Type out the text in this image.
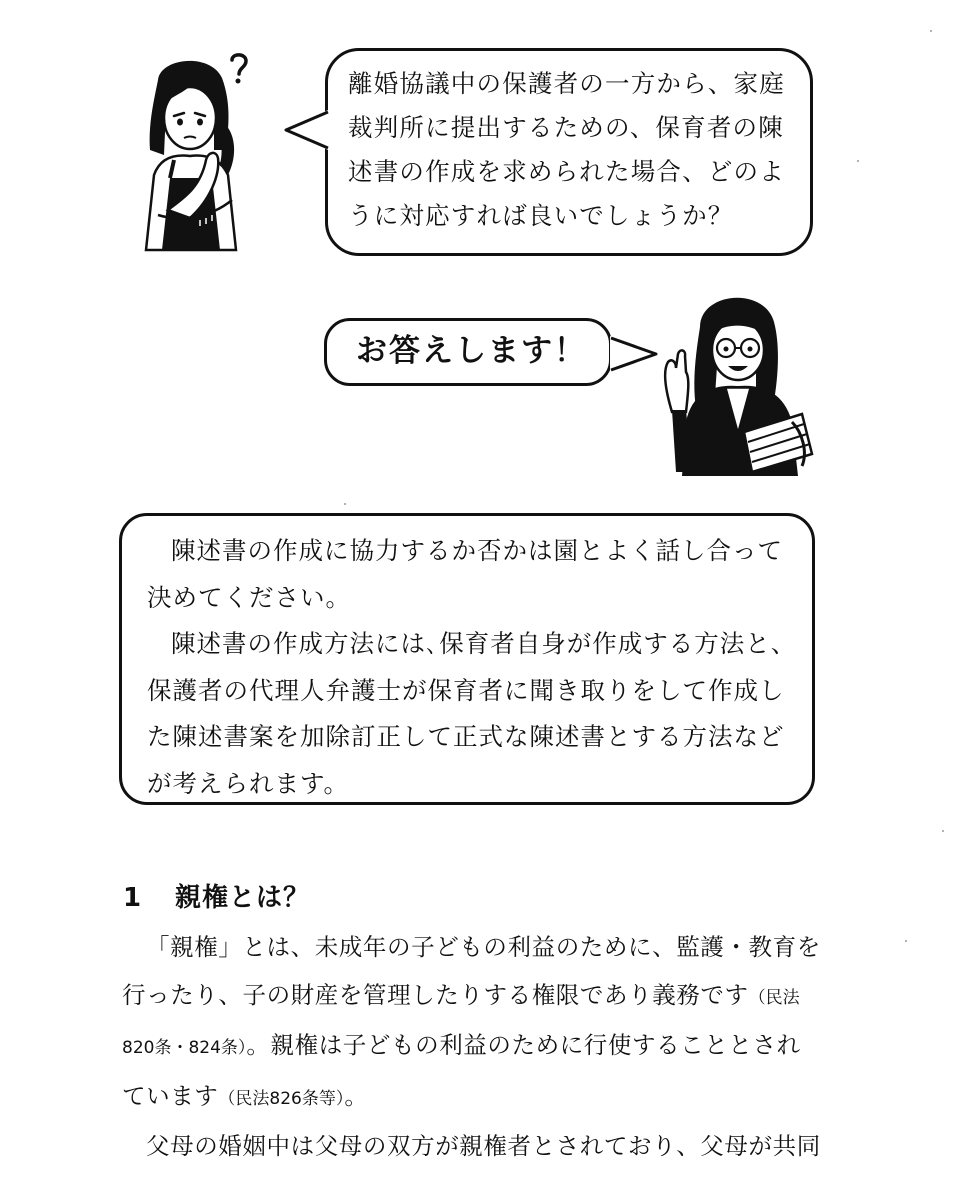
離婚協議中の保護者の一方から、家庭
裁判所に提出するための、保育者の陳
述書の作成を求められた場合、どのよ
うに対応すれば良いでしょうか？
お答えします！

陳述書の作成に協力するか否かは園とよく話し合って決めてください。

陳述書の作成方法には､保育者自身が作成する方法と、保護者の代理人弁護士が保育者に聞き取りをして作成した陳述書案を加除訂正して正式な陳述書とする方法などが考えられます。

1 親権とは？

「親権」とは、未成年の子どもの利益のために、監護・教育を行ったり、子の財産を管理したりする権限であり義務です（民法820条・824条）。親権は子どもの利益のために行使することとされています（民法826条等）。

父母の婚姻中は父母の双方が親権者とされており、父母が共同
